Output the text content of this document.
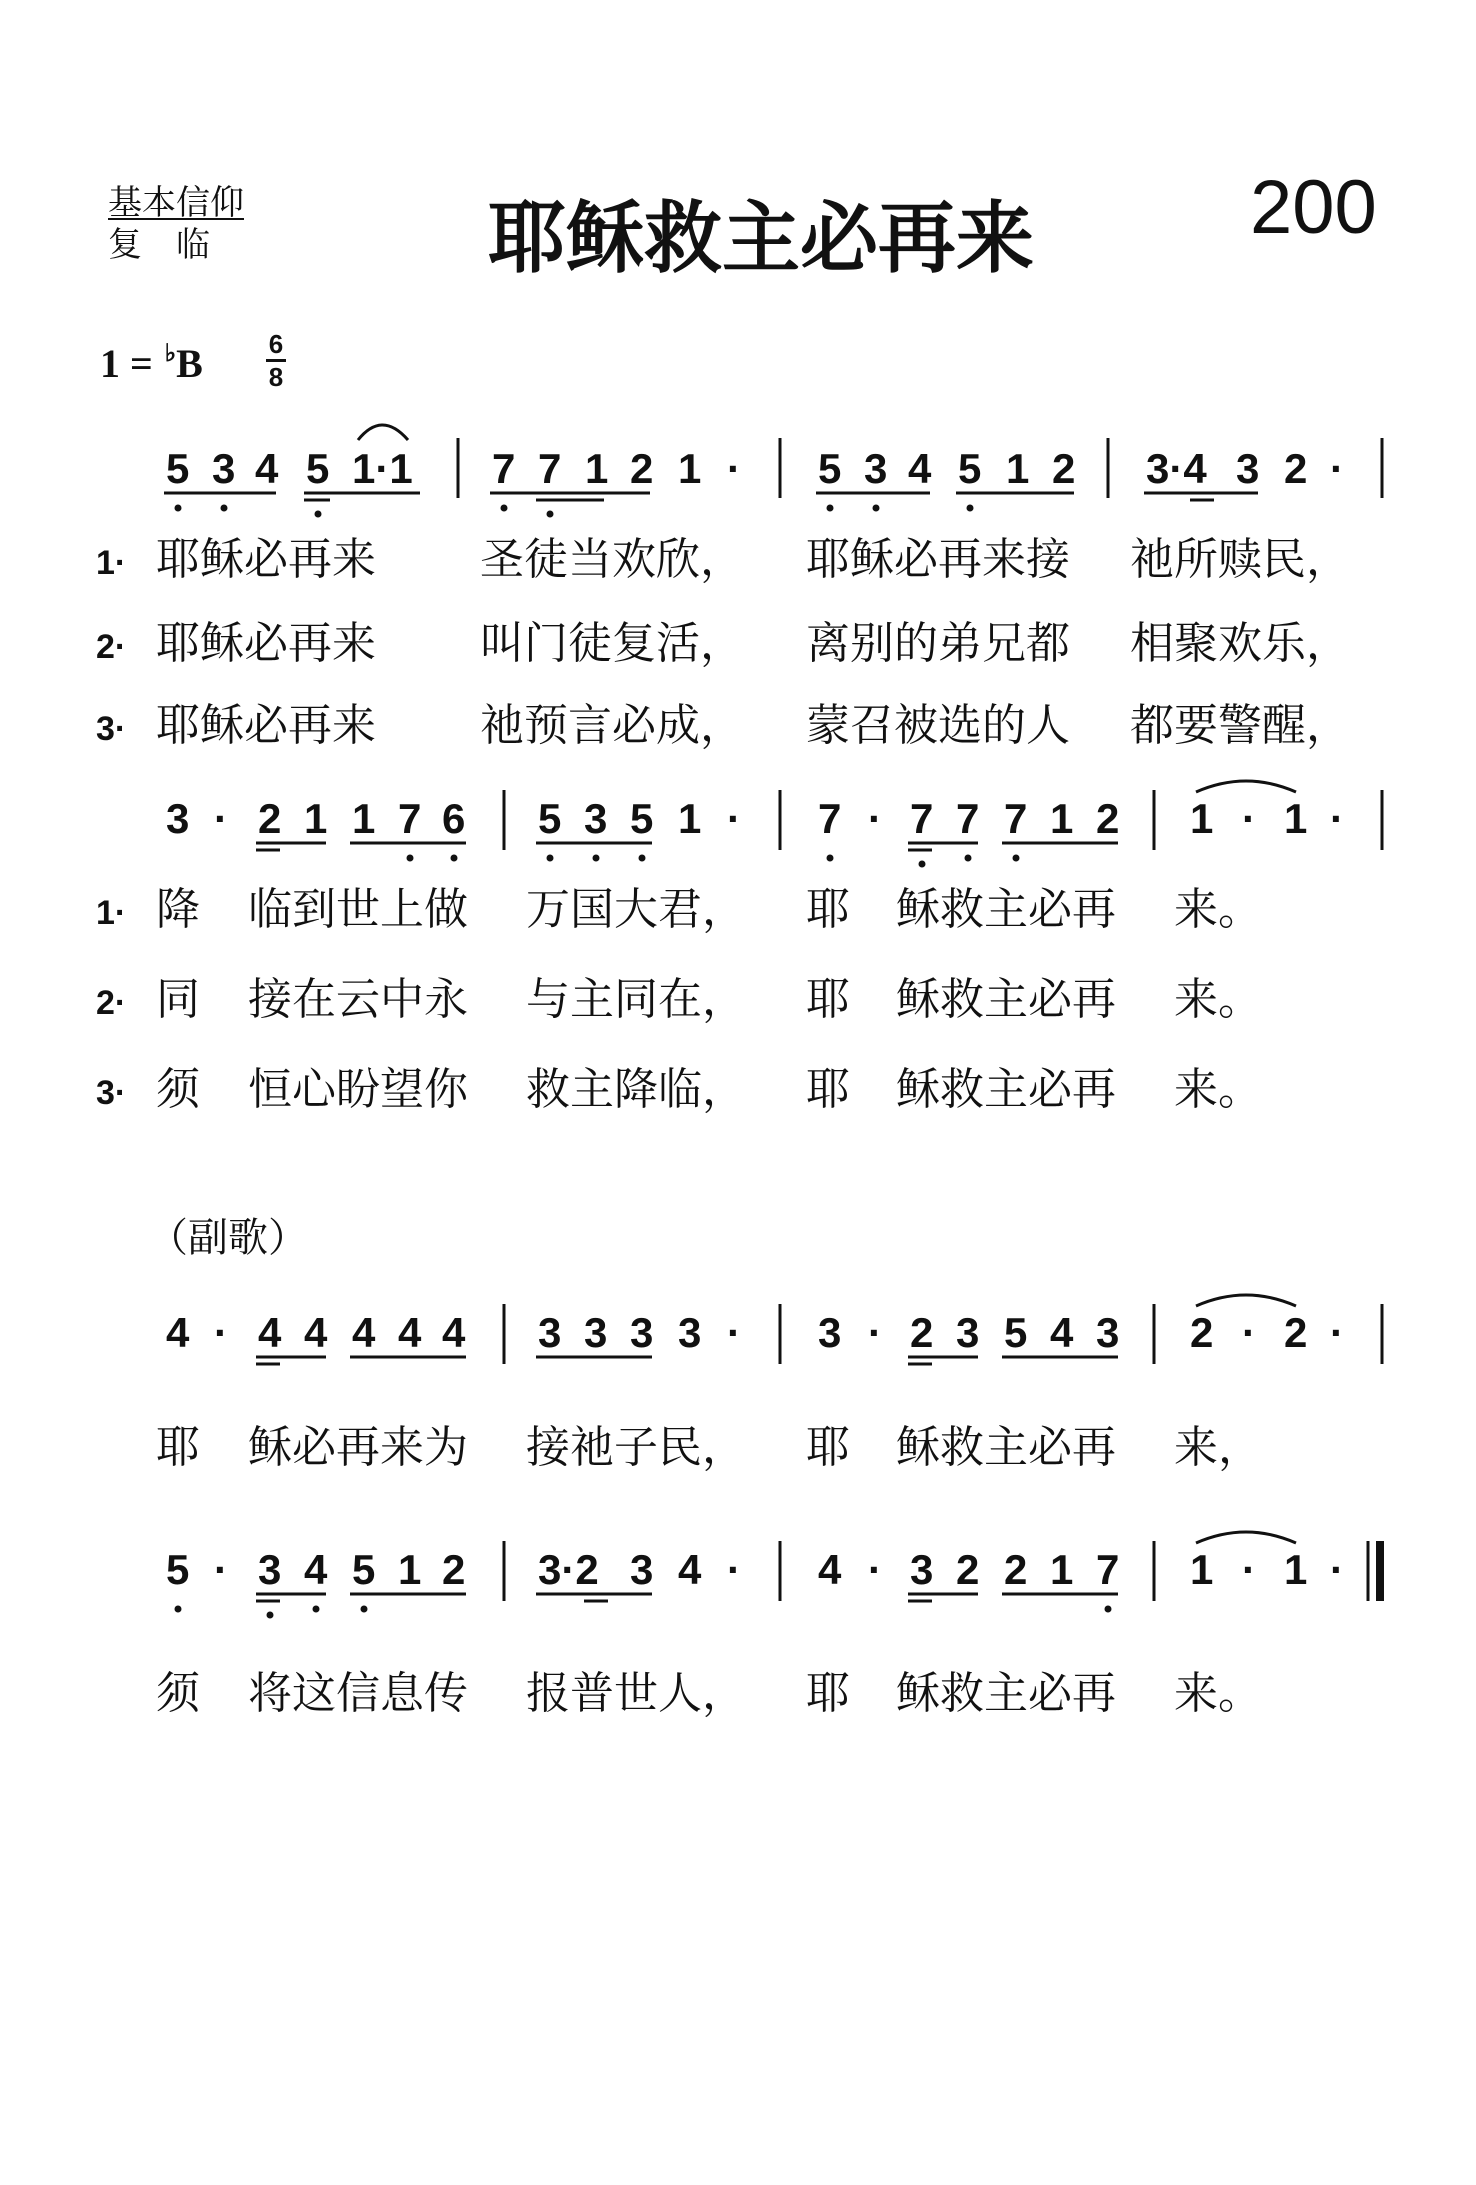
基本信仰
复　临	耶稣救主必再来	200
1 = ♭B	6
8
5 3 4 5 1·1 7 7 1 2 1 · 5 3 4 5 1 2 3·4 3 2 ·
3 · 2 1 1 7 6 5 3 5 1 · 7 · 7 7 7 1 2 1 · 1 ·
4 · 4 4 4 4 4 3 3 3 3 · 3 · 2 3 5 4 3 2 · 2 ·
5 · 3 4 5 1 2 3·2 3 4 · 4 · 3 2 2 1 7 1 · 1 ·
1· 耶稣必再来 圣徒当欢欣， 耶稣必再来接 祂所赎民，
2· 耶稣必再来 叫门徒复活， 离别的弟兄都 相聚欢乐，
3· 耶稣必再来 祂预言必成， 蒙召被选的人 都要警醒，
1· 降 临到世上做 万国大君， 耶 稣救主必再 来。
2· 同 接在云中永 与主同在， 耶 稣救主必再 来。
3· 须 恒心盼望你 救主降临， 耶 稣救主必再 来。
（副歌）
耶 稣必再来为 接祂子民， 耶 稣救主必再 来，
须 将这信息传 报普世人， 耶 稣救主必再 来。
